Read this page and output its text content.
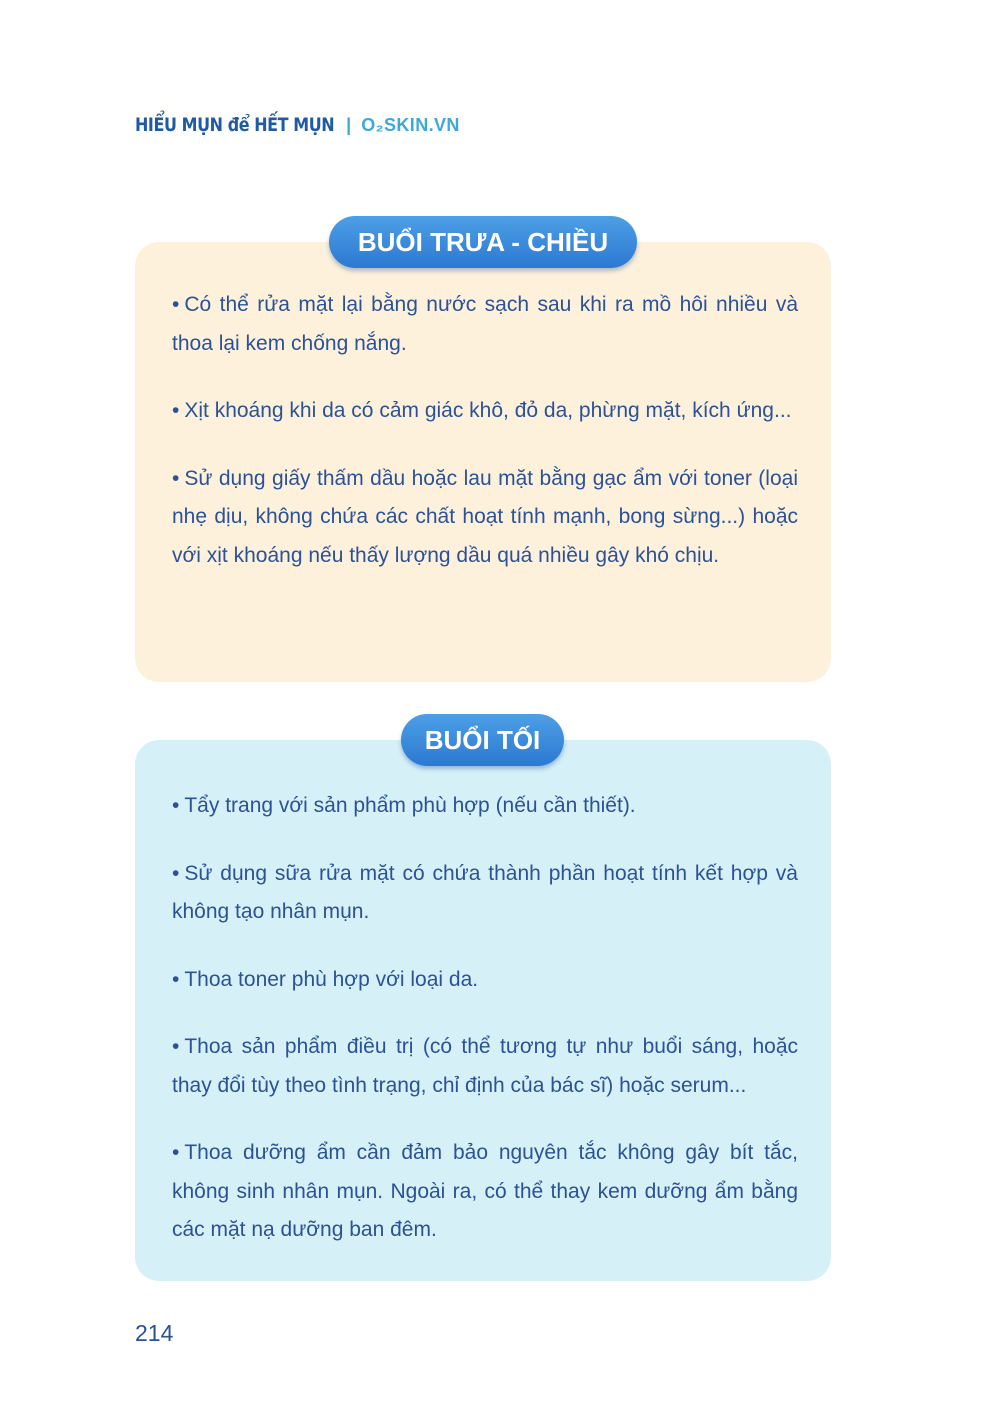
HIỂU MỤN để HẾT MỤN | O₂SKIN.VN
BUỔI TRƯA - CHIỀU
• Có thể rửa mặt lại bằng nước sạch sau khi ra mồ hôi nhiều và thoa lại kem chống nắng.
• Xịt khoáng khi da có cảm giác khô, đỏ da, phừng mặt, kích ứng...
• Sử dụng giấy thấm dầu hoặc lau mặt bằng gạc ẩm với toner (loại nhẹ dịu, không chứa các chất hoạt tính mạnh, bong sừng...) hoặc với xịt khoáng nếu thấy lượng dầu quá nhiều gây khó chịu.
BUỔI TỐI
• Tẩy trang với sản phẩm phù hợp (nếu cần thiết).
• Sử dụng sữa rửa mặt có chứa thành phần hoạt tính kết hợp và không tạo nhân mụn.
• Thoa toner phù hợp với loại da.
• Thoa sản phẩm điều trị (có thể tương tự như buổi sáng, hoặc thay đổi tùy theo tình trạng, chỉ định của bác sĩ) hoặc serum...
• Thoa dưỡng ẩm cần đảm bảo nguyên tắc không gây bít tắc, không sinh nhân mụn. Ngoài ra, có thể thay kem dưỡng ẩm bằng các mặt nạ dưỡng ban đêm.
214
